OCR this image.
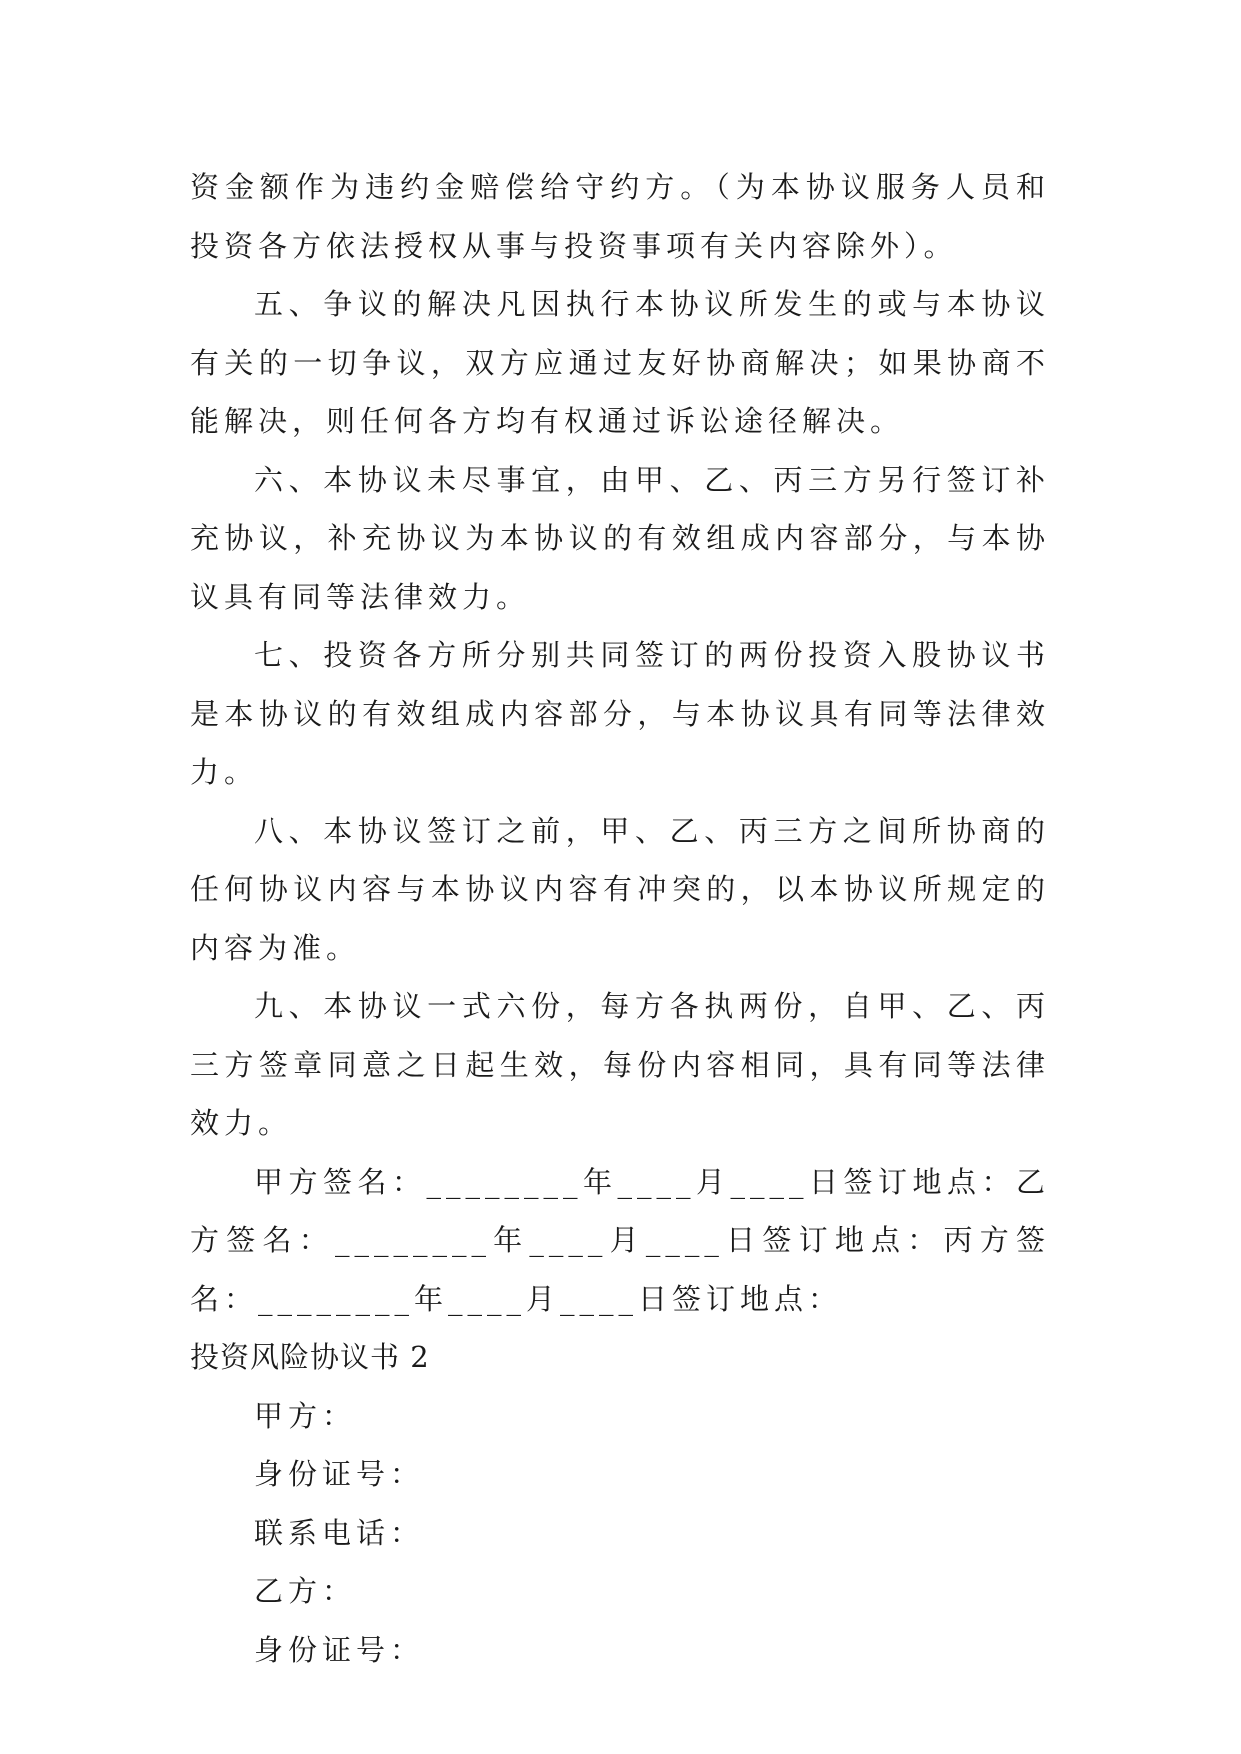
资金额作为违约金赔偿给守约方。（为本协议服务人员和投资各方依法授权从事与投资事项有关内容除外）。

五、争议的解决凡因执行本协议所发生的或与本协议有关的一切争议，双方应通过友好协商解决；如果协商不能解决，则任何各方均有权通过诉讼途径解决。

六、本协议未尽事宜，由甲、乙、丙三方另行签订补充协议，补充协议为本协议的有效组成内容部分，与本协议具有同等法律效力。

七、投资各方所分别共同签订的两份投资入股协议书是本协议的有效组成内容部分，与本协议具有同等法律效力。

八、本协议签订之前，甲、乙、丙三方之间所协商的任何协议内容与本协议内容有冲突的，以本协议所规定的内容为准。

九、本协议一式六份，每方各执两份，自甲、乙、丙三方签章同意之日起生效，每份内容相同，具有同等法律效力。

甲方签名：________年____月____日签订地点：乙方签名：________年____月____日签订地点：丙方签名：________年____月____日签订地点：

投资风险协议书 2

甲方：

身份证号：

联系电话：

乙方：

身份证号：
